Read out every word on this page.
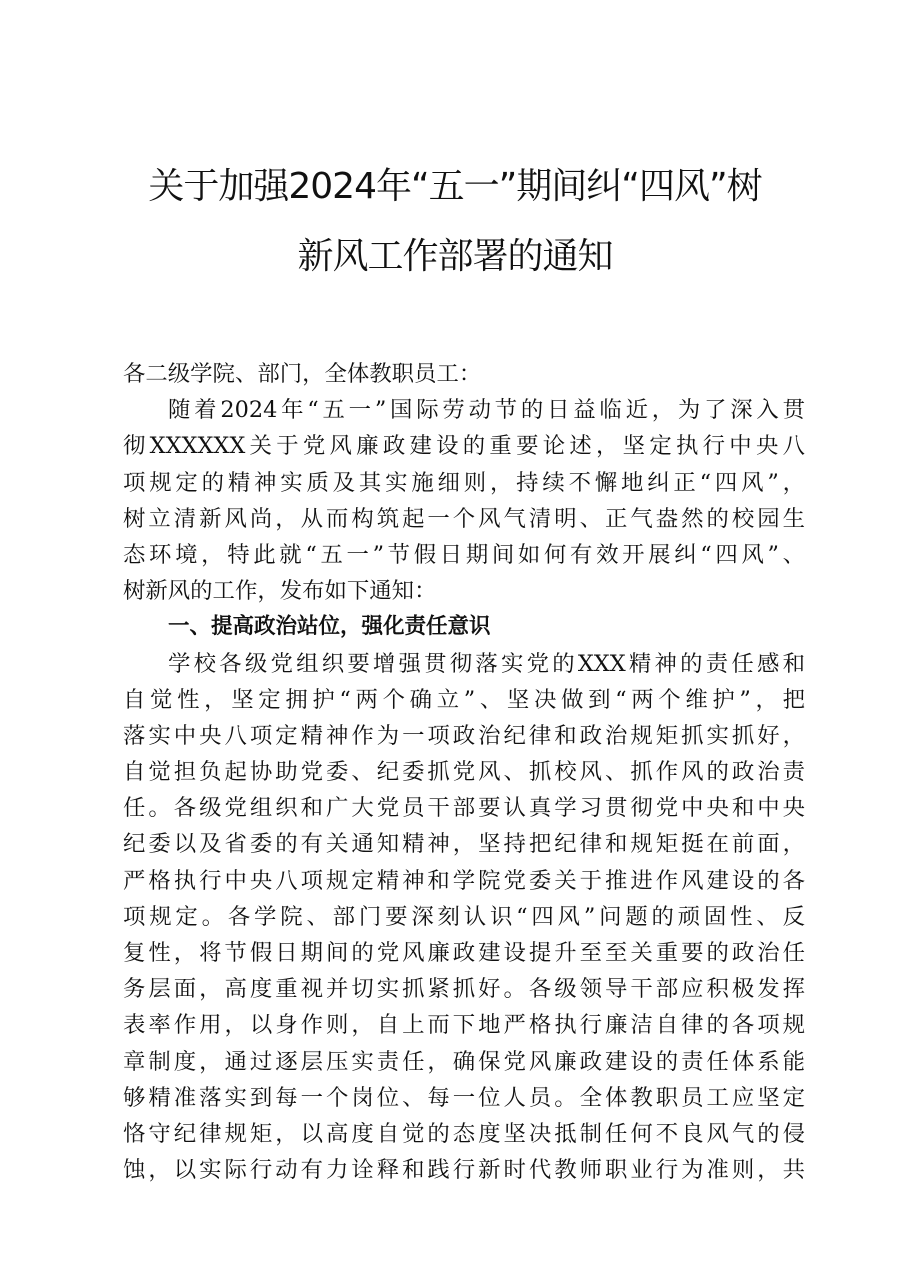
关于加强2024年“五一”期间纠“四风”树
新风工作部署的通知
各二级学院、部门，全体教职员工：
随着2024年“五一”国际劳动节的日益临近，为了深入贯
彻XXXXXX关于党风廉政建设的重要论述，坚定执行中央八
项规定的精神实质及其实施细则，持续不懈地纠正“四风”，
树立清新风尚，从而构筑起一个风气清明、正气盎然的校园生
态环境，特此就“五一”节假日期间如何有效开展纠“四风”、
树新风的工作，发布如下通知：
一、提高政治站位，强化责任意识
学校各级党组织要增强贯彻落实党的XXX精神的责任感和
自觉性，坚定拥护“两个确立”、坚决做到“两个维护”，把
落实中央八项定精神作为一项政治纪律和政治规矩抓实抓好，
自觉担负起协助党委、纪委抓党风、抓校风、抓作风的政治责
任。各级党组织和广大党员干部要认真学习贯彻党中央和中央
纪委以及省委的有关通知精神，坚持把纪律和规矩挺在前面，
严格执行中央八项规定精神和学院党委关于推进作风建设的各
项规定。各学院、部门要深刻认识“四风”问题的顽固性、反
复性，将节假日期间的党风廉政建设提升至至关重要的政治任
务层面，高度重视并切实抓紧抓好。各级领导干部应积极发挥
表率作用，以身作则，自上而下地严格执行廉洁自律的各项规
章制度，通过逐层压实责任，确保党风廉政建设的责任体系能
够精准落实到每一个岗位、每一位人员。全体教职员工应坚定
恪守纪律规矩，以高度自觉的态度坚决抵制任何不良风气的侵
蚀，以实际行动有力诠释和践行新时代教师职业行为准则，共
